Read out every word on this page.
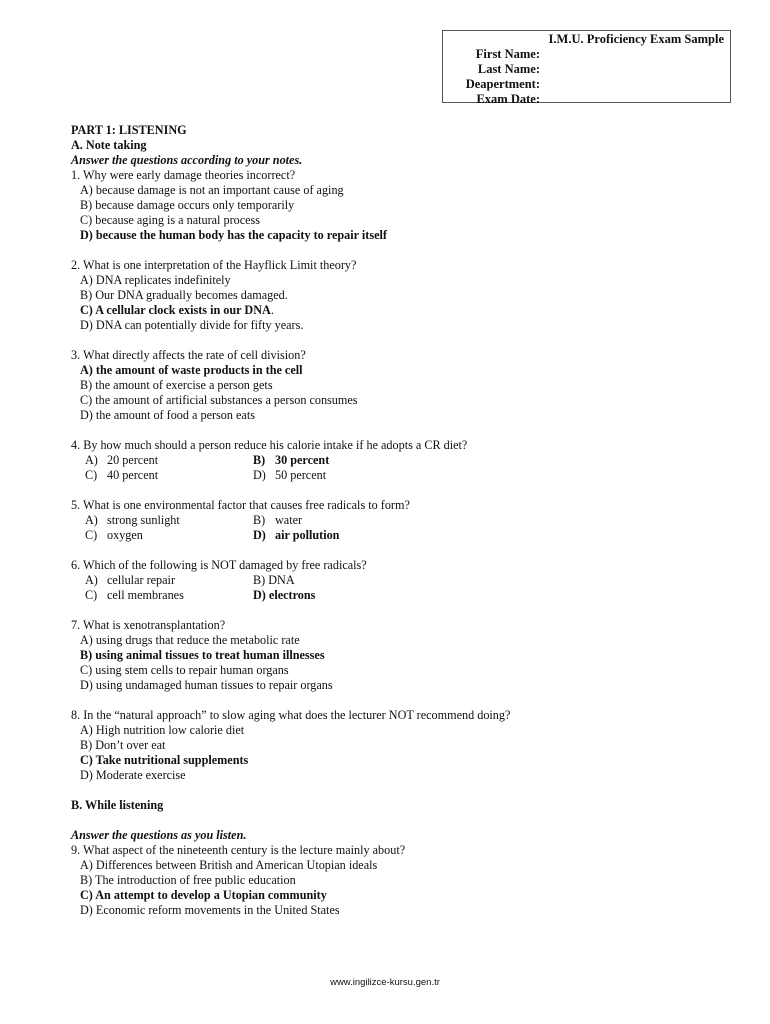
I.M.U. Proficiency Exam Sample
First Name:
Last Name:
Deapertment:
Exam Date:
PART 1: LISTENING
A. Note taking
Answer the questions according to your notes.
1. Why were early damage theories incorrect?
A) because damage is not an important cause of aging
B) because damage occurs only temporarily
C) because aging is a natural process
D) because the human body has the capacity to repair itself
2. What is one interpretation of the Hayflick Limit theory?
A) DNA replicates indefinitely
B) Our DNA gradually becomes damaged.
C) A cellular clock exists in our DNA.
D) DNA can potentially divide for fifty years.
3. What directly affects the rate of cell division?
A) the amount of waste products in the cell
B) the amount of exercise a person gets
C) the amount of artificial substances a person consumes
D) the amount of food a person eats
4. By how much should a person reduce his calorie intake if he adopts a CR diet?
A) 20 percent	B) 30 percent
C) 40 percent	D) 50 percent
5. What is one environmental factor that causes free radicals to form?
A) strong sunlight	B) water
C) oxygen	D) air pollution
6. Which of the following is NOT damaged by free radicals?
A) cellular repair	B) DNA
C) cell membranes	D) electrons
7. What is xenotransplantation?
A) using drugs that reduce the metabolic rate
B) using animal tissues to treat human illnesses
C) using stem cells to repair human organs
D) using undamaged human tissues to repair organs
8. In the “natural approach” to slow aging what does the lecturer NOT recommend doing?
A) High nutrition low calorie diet
B) Don’t over eat
C) Take nutritional supplements
D) Moderate exercise
B. While listening
Answer the questions as you listen.
9. What aspect of the nineteenth century is the lecture mainly about?
A) Differences between British and American Utopian ideals
B) The introduction of free public education
C) An attempt to develop a Utopian community
D) Economic reform movements in the United States
www.ingilizce-kursu.gen.tr
